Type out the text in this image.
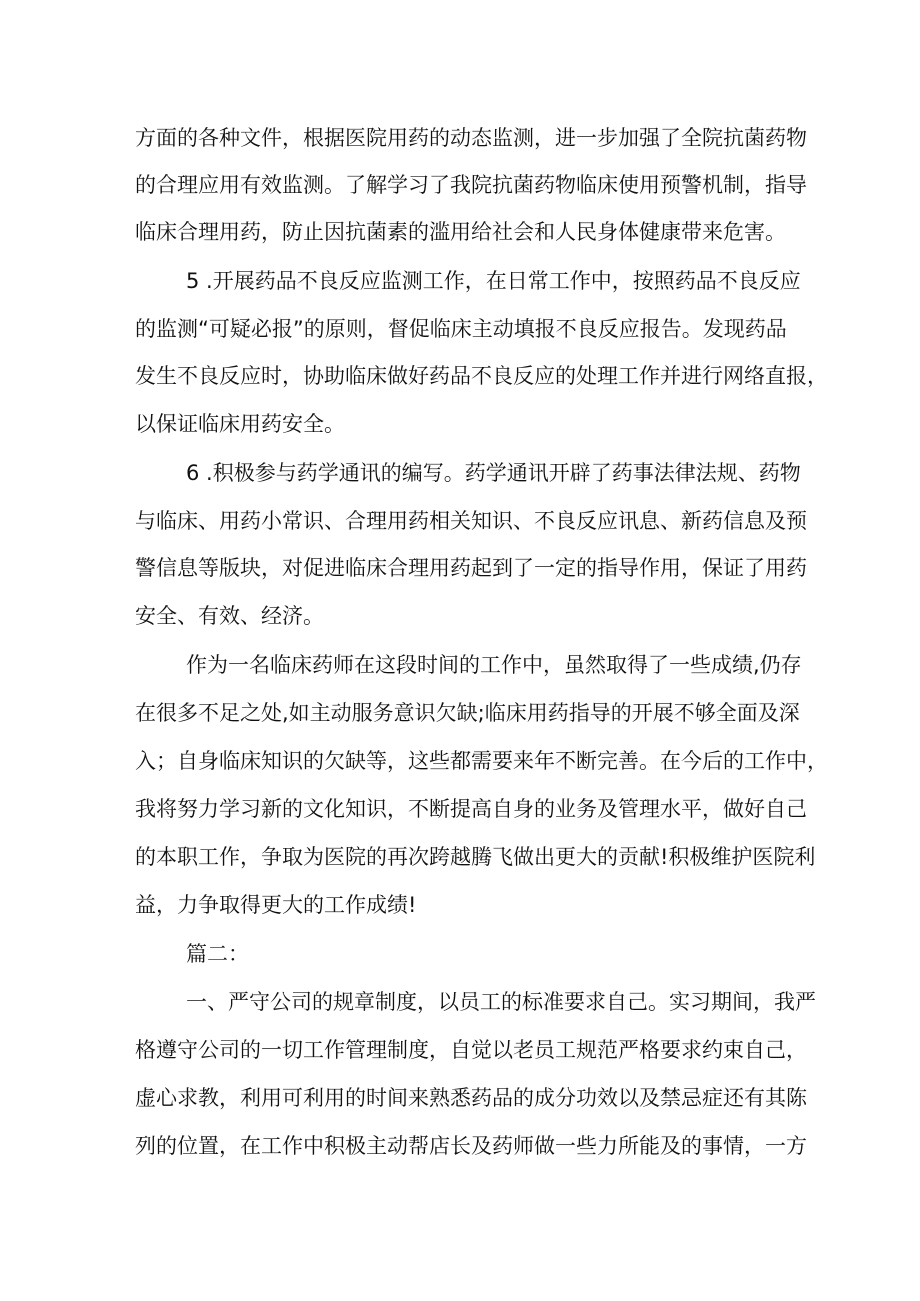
方面的各种文件，根据医院用药的动态监测，进一步加强了全院抗菌药物
的合理应用有效监测。了解学习了我院抗菌药物临床使用预警机制，指导
临床合理用药，防止因抗菌素的滥用给社会和人民身体健康带来危害。
5 .开展药品不良反应监测工作，在日常工作中，按照药品不良反应
的监测“可疑必报”的原则，督促临床主动填报不良反应报告。发现药品
发生不良反应时，协助临床做好药品不良反应的处理工作并进行网络直报，
以保证临床用药安全。
6 .积极参与药学通讯的编写。药学通讯开辟了药事法律法规、药物
与临床、用药小常识、合理用药相关知识、不良反应讯息、新药信息及预
警信息等版块，对促进临床合理用药起到了一定的指导作用，保证了用药
安全、有效、经济。
作为一名临床药师在这段时间的工作中，虽然取得了一些成绩,仍存
在很多不足之处,如主动服务意识欠缺;临床用药指导的开展不够全面及深
入；自身临床知识的欠缺等，这些都需要来年不断完善。在今后的工作中，
我将努力学习新的文化知识，不断提高自身的业务及管理水平，做好自己
的本职工作，争取为医院的再次跨越腾飞做出更大的贡献!积极维护医院利
益，力争取得更大的工作成绩!
篇二：
一、严守公司的规章制度，以员工的标准要求自己。实习期间，我严
格遵守公司的一切工作管理制度，自觉以老员工规范严格要求约束自己，
虚心求教，利用可利用的时间来熟悉药品的成分功效以及禁忌症还有其陈
列的位置，在工作中积极主动帮店长及药师做一些力所能及的事情，一方
